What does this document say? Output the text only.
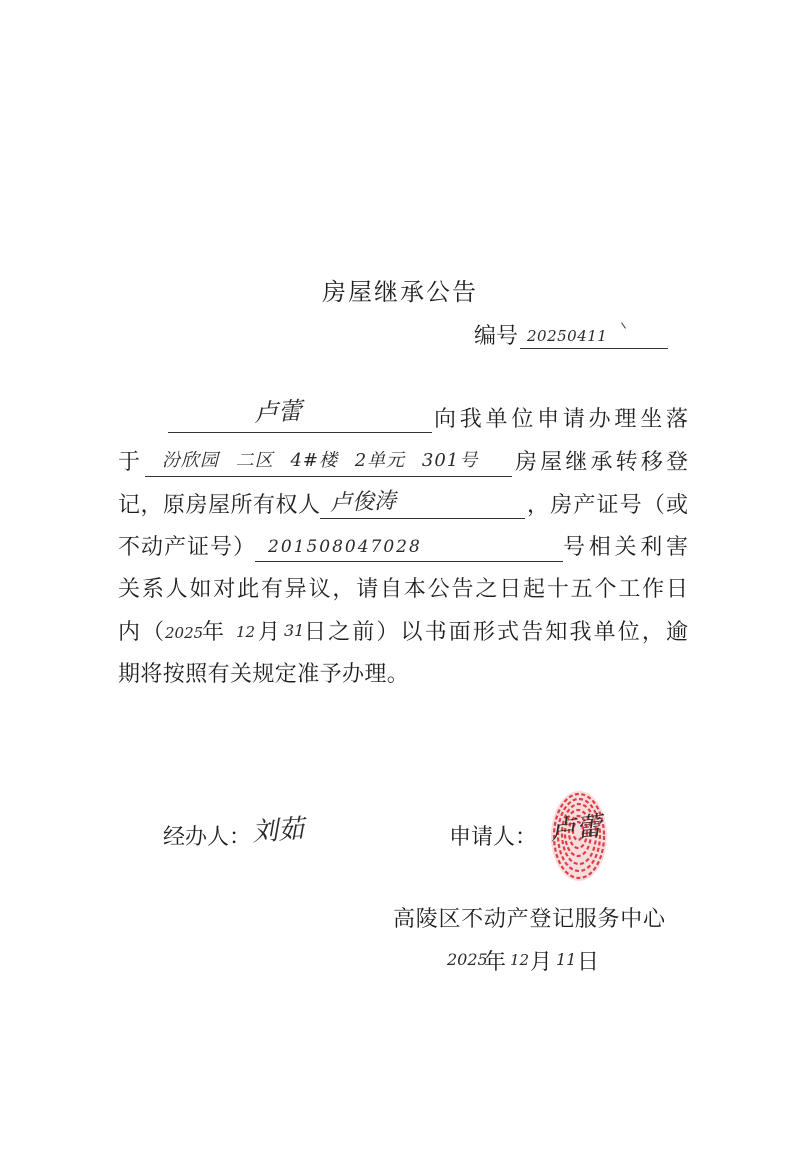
房屋继承公告
编号 20250411
卢蕾	向我单位申请办理坐落
于 汾欣园 二区 4#楼 2单元 301号 房屋继承转移登
记，原房屋所有权人 卢俊涛	，房产证号（或
不动产证号） 201508047028	号相关利害
关系人如对此有异议，请自本公告之日起十五个工作日
内（ 2025
年 12 月 31 日之前）以书面形式告知我单位，逾
期将按照有关规定准予办理。
经办人： 刘茹	申请人： 卢蕾
高陵区不动产登记服务中心
2025
年 12 月 11 日
